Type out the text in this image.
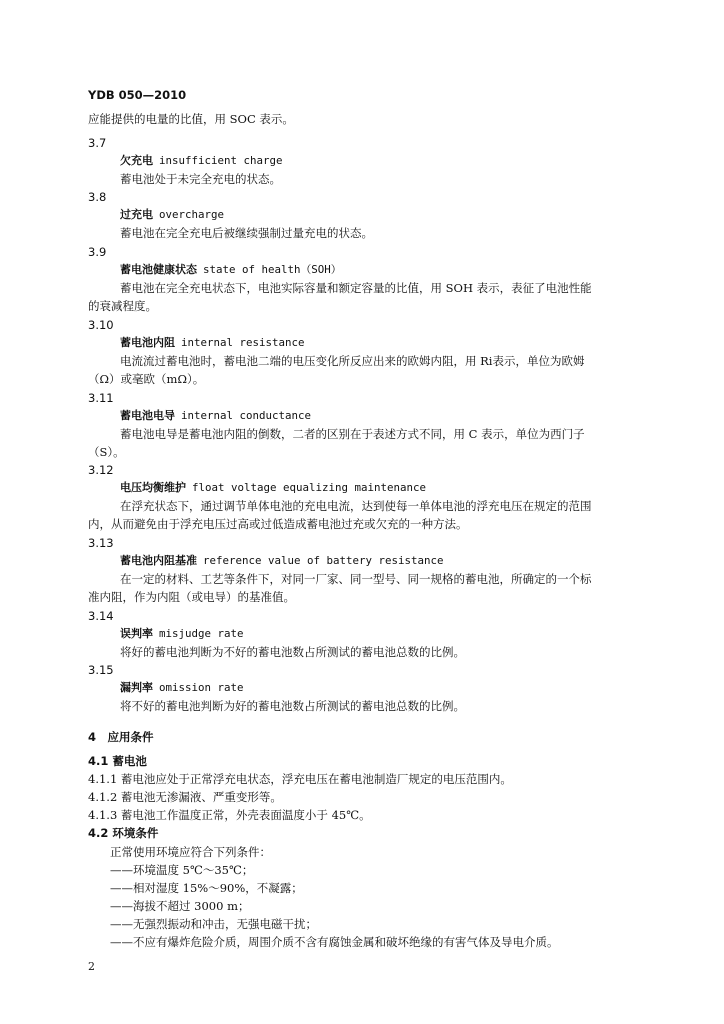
YDB 050—2010
应能提供的电量的比值，用 SOC 表示。
3.7
欠充电 insufficient charge
蓄电池处于未完全充电的状态。
3.8
过充电 overcharge
蓄电池在完全充电后被继续强制过量充电的状态。
3.9
蓄电池健康状态 state of health（SOH）
蓄电池在完全充电状态下，电池实际容量和额定容量的比值，用 SOH 表示，表征了电池性能
的衰减程度。
3.10
蓄电池内阻 internal resistance
电流流过蓄电池时，蓄电池二端的电压变化所反应出来的欧姆内阻，用 Ri表示，单位为欧姆
（Ω）或毫欧（mΩ）。
3.11
蓄电池电导 internal conductance
蓄电池电导是蓄电池内阻的倒数，二者的区别在于表述方式不同，用 C 表示，单位为西门子
（S）。
3.12
电压均衡维护 float voltage equalizing maintenance
在浮充状态下，通过调节单体电池的充电电流，达到使每一单体电池的浮充电压在规定的范围
内，从而避免由于浮充电压过高或过低造成蓄电池过充或欠充的一种方法。
3.13
蓄电池内阻基准 reference value of battery resistance
在一定的材料、工艺等条件下，对同一厂家、同一型号、同一规格的蓄电池，所确定的一个标
准内阻，作为内阻（或电导）的基准值。
3.14
误判率 misjudge rate
将好的蓄电池判断为不好的蓄电池数占所测试的蓄电池总数的比例。
3.15
漏判率 omission rate
将不好的蓄电池判断为好的蓄电池数占所测试的蓄电池总数的比例。
4　应用条件
4.1 蓄电池
4.1.1 蓄电池应处于正常浮充电状态，浮充电压在蓄电池制造厂规定的电压范围内。
4.1.2 蓄电池无渗漏液、严重变形等。
4.1.3 蓄电池工作温度正常，外壳表面温度小于 45℃。
4.2 环境条件
正常使用环境应符合下列条件：
——环境温度 5℃～35℃；
——相对湿度 15%～90%，不凝露；
——海拔不超过 3000 m；
——无强烈振动和冲击，无强电磁干扰；
——不应有爆炸危险介质，周围介质不含有腐蚀金属和破坏绝缘的有害气体及导电介质。
2
